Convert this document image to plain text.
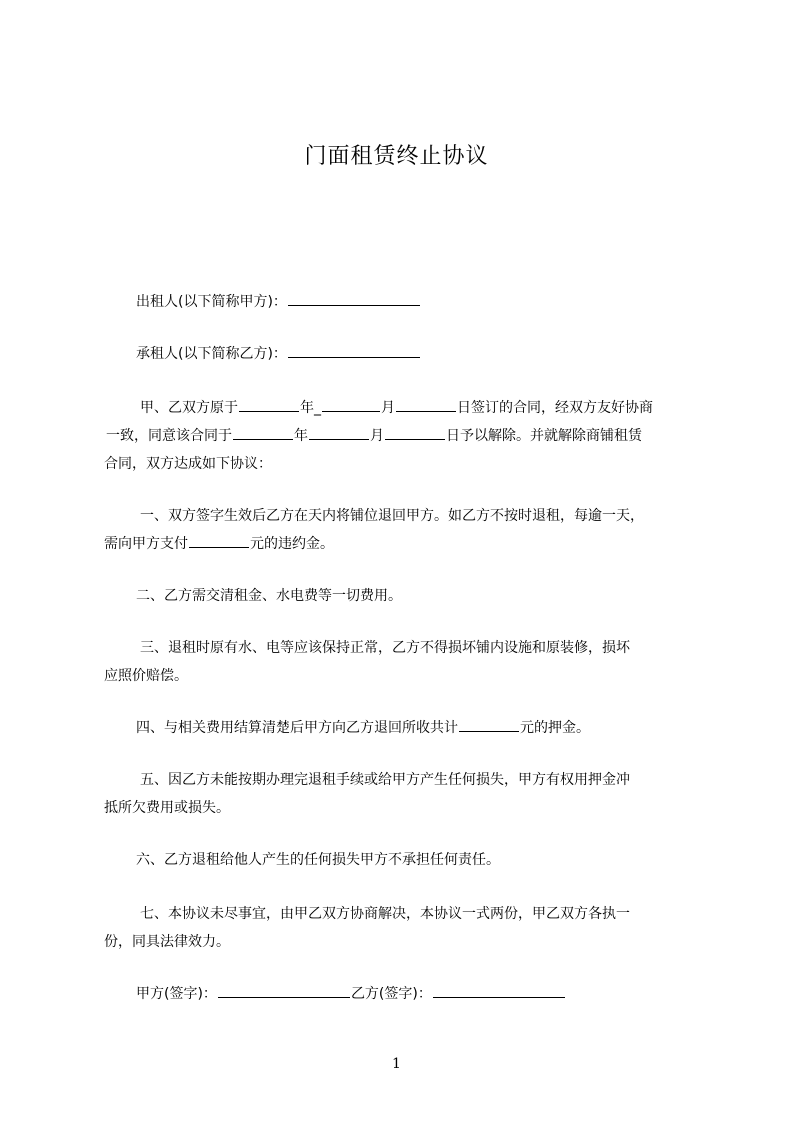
门面租赁终止协议
出租人(以下简称甲方)：
承租人(以下简称乙方)：
甲、乙双方原于	年_	月	日签订的合同，经双方友好协商
一致，同意该合同于	年	月	日予以解除。并就解除商铺租赁
合同，双方达成如下协议：
一、双方签字生效后乙方在天内将铺位退回甲方。如乙方不按时退租，每逾一天，
需向甲方支付	元的违约金。
二、乙方需交清租金、水电费等一切费用。
三、退租时原有水、电等应该保持正常，乙方不得损坏铺内设施和原装修，损坏
应照价赔偿。
四、与相关费用结算清楚后甲方向乙方退回所收共计	元的押金。
五、因乙方未能按期办理完退租手续或给甲方产生任何损失，甲方有权用押金冲
抵所欠费用或损失。
六、乙方退租给他人产生的任何损失甲方不承担任何责任。
七、本协议未尽事宜，由甲乙双方协商解决，本协议一式两份，甲乙双方各执一
份，同具法律效力。
甲方(签字)：	乙方(签字)：
1
